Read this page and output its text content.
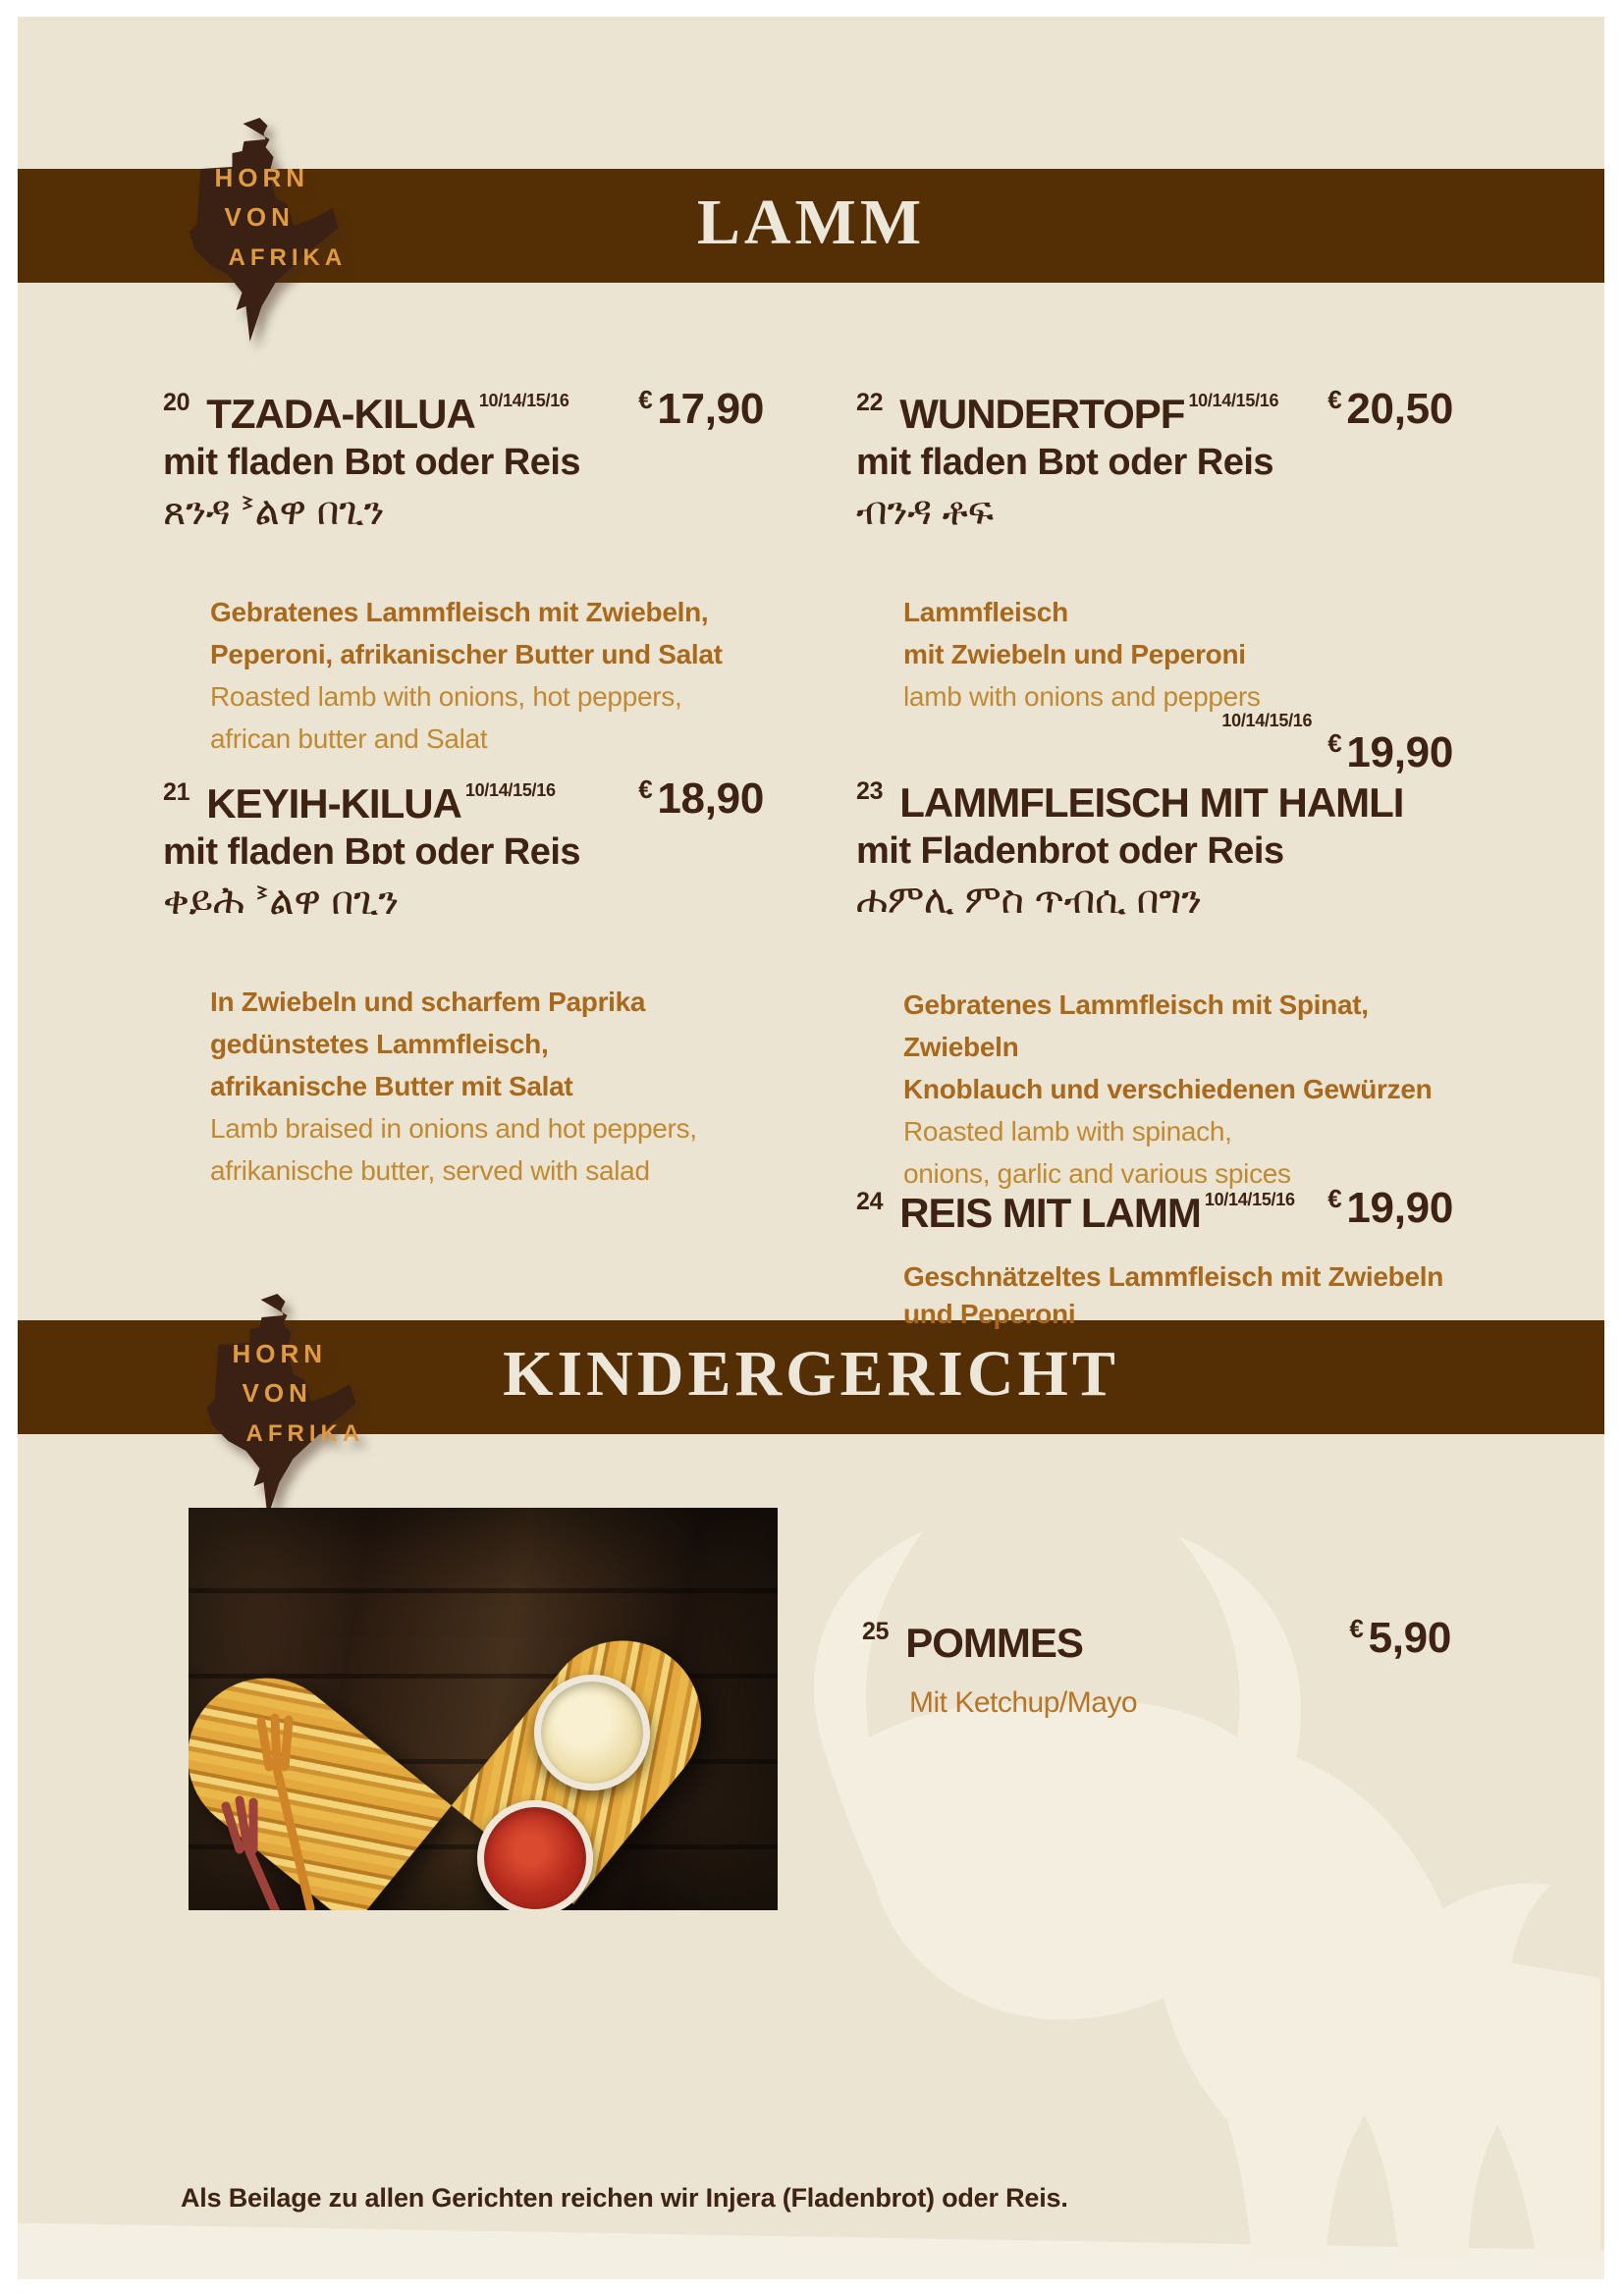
LAMM
KINDERGERICHT
HORN
VON
AFRIKA
HORN
VON
AFRIKA
20 TZADA-KILUA 10/14/15/16	€ 17,90
mit fladen Bɒt oder Reis
ጸንዳ ᕑልዋ በጊን
Gebratenes Lammfleisch mit Zwiebeln,
Peperoni, afrikanischer Butter und Salat
Roasted lamb with onions, hot peppers,
african butter and Salat
21 KEYIH-KILUA 10/14/15/16	€ 18,90
mit fladen Bɒt oder Reis
ቀይሕ ᕑልዋ በጊን
In Zwiebeln und scharfem Paprika
gedünstetes Lammfleisch,
afrikanische Butter mit Salat
Lamb braised in onions and hot peppers,
afrikanische butter, served with salad
22 WUNDERTOPF 10/14/15/16 € 20,50
mit fladen Bɒt oder Reis
ብንዳ ቶፍ
Lammfleisch
mit Zwiebeln und Peperoni
lamb with onions and peppers
$^{10/14/15/16€}$ 19,90
23 LAMMFLEISCH MIT HAMLI
mit Fladenbrot oder Reis
ሐምሊ ምስ ጥብሲ በግን
Gebratenes Lammfleisch mit Spinat, Zwiebeln
Knoblauch und verschiedenen Gewürzen
Roasted lamb with spinach,
onions, garlic and various spices
24 REIS MIT LAMM 10/14/15/16 € 19,90
Geschnätzeltes Lammfleisch mit Zwiebeln
und Peperoni
25 POMMES	€ 5,90
Mit Ketchup/Mayo
Als Beilage zu allen Gerichten reichen wir Injera (Fladenbrot) oder Reis.
